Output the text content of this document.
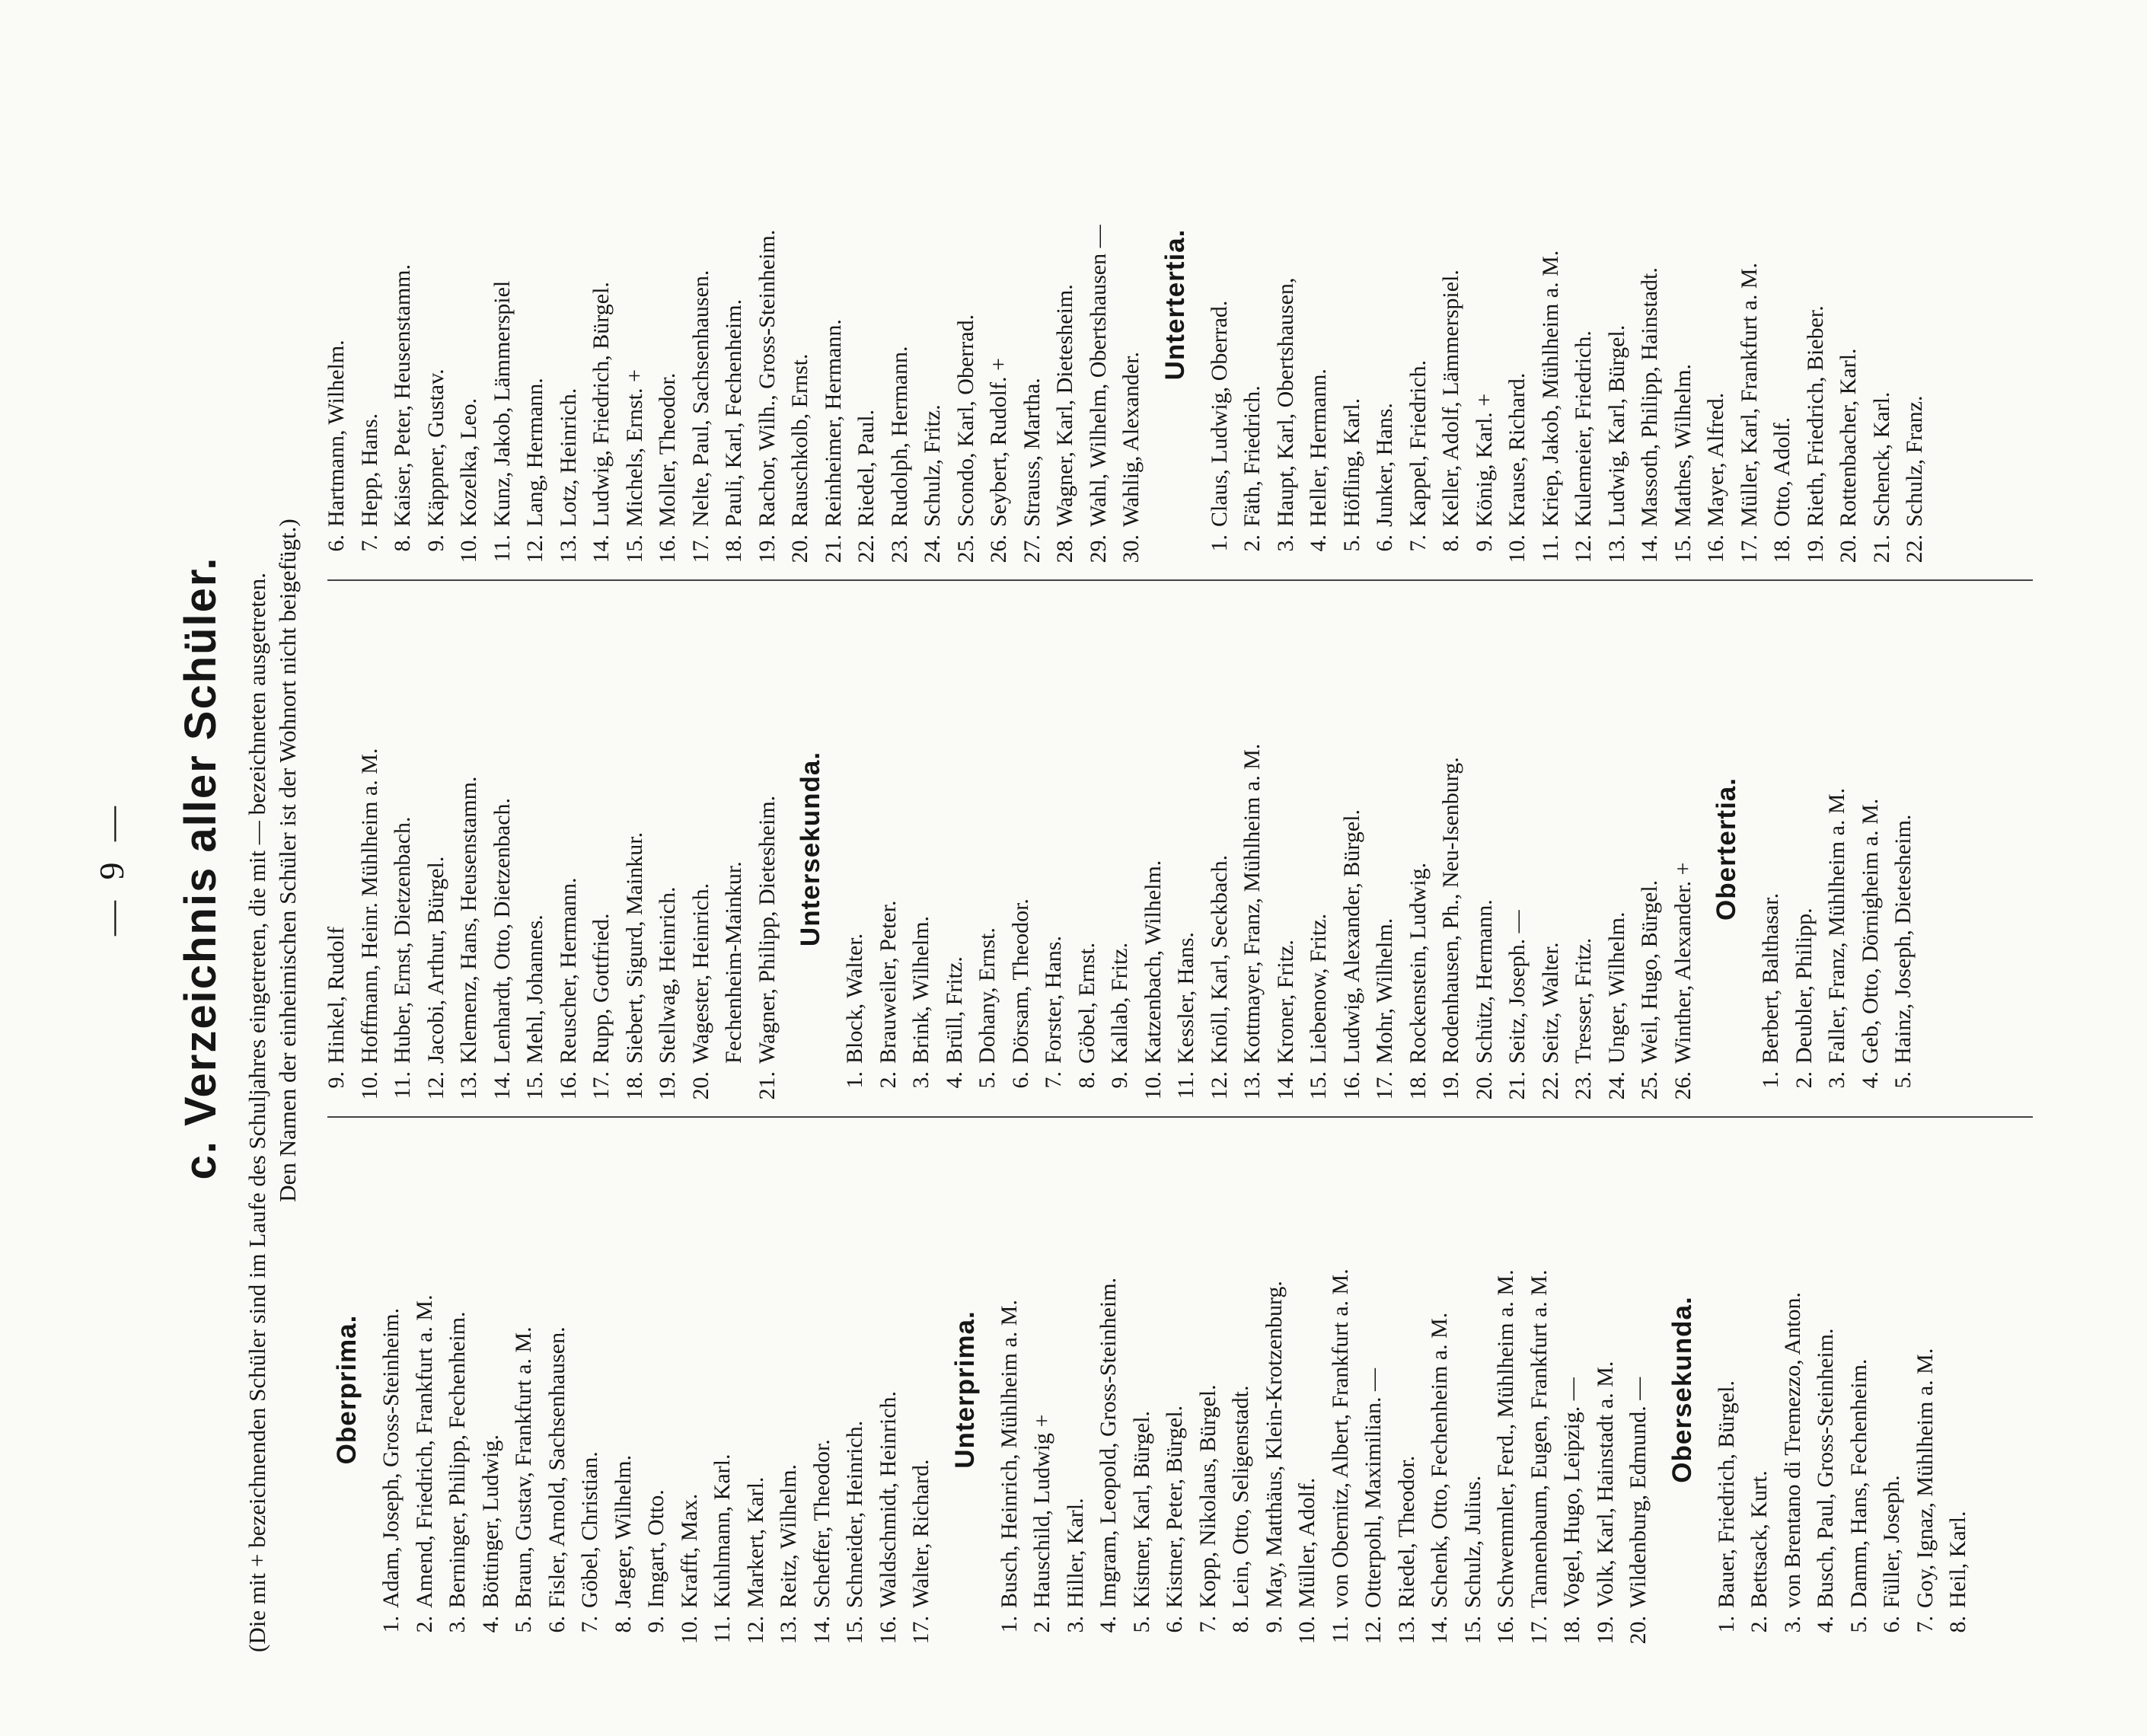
— 9 — c. Verzeichnis aller Schüler. (Die mit + bezeichnenden Schüler sind im Laufe des Schuljahres eingetreten, die mit — bezeichneten ausgetreten. Den Namen der einheimischen Schüler ist der Wohnort nicht beigefügt.)
Oberprima.
1.Adam, Joseph, Gross-Steinheim.
2.Amend, Friedrich, Frankfurt a. M.
3.Berninger, Philipp, Fechenheim.
4.Böttinger, Ludwig.
5.Braun, Gustav, Frankfurt a. M.
6.Fisler, Arnold, Sachsenhausen.
7.Göbel, Christian.
8.Jaeger, Wilhelm.
9.Imgart, Otto.
10.Krafft, Max.
11.Kuhlmann, Karl.
12.Markert, Karl.
13.Reitz, Wilhelm.
14.Scheffer, Theodor.
15.Schneider, Heinrich.
16.Waldschmidt, Heinrich.
17.Walter, Richard.
Unterprima.
1.Busch, Heinrich, Mühlheim a. M.
2.Hauschild, Ludwig +
3.Hiller, Karl.
4.Imgram, Leopold, Gross-Steinheim.
5.Kistner, Karl, Bürgel.
6.Kistner, Peter, Bürgel.
7.Kopp, Nikolaus, Bürgel.
8.Lein, Otto, Seligenstadt.
9.May, Matthäus, Klein-Krotzenburg.
10.Müller, Adolf.
11.von Obernitz, Albert, Frankfurt a. M.
12.Otterpohl, Maximilian. —
13.Riedel, Theodor.
14.Schenk, Otto, Fechenheim a. M.
15.Schulz, Julius.
16.Schwemmler, Ferd., Mühlheim a. M.
17.Tannenbaum, Eugen, Frankfurt a. M.
18.Vogel, Hugo, Leipzig. —
19.Volk, Karl, Hainstadt a. M.
20.Wildenburg, Edmund. — Obersekunda.
1.Bauer, Friedrich, Bürgel.
2.Bettsack, Kurt.
3.von Brentano di Tremezzo, Anton.
4.Busch, Paul, Gross-Steinheim.
5.Damm, Hans, Fechenheim.
6.Füller, Joseph.
7.Goy, Ignaz, Mühlheim a. M.
8.Heil, Karl.
9.Hinkel, Rudolf
10.Hoffmann, Heinr. Mühlheim a. M.
11.Huber, Ernst, Dietzenbach.
12.Jacobi, Arthur, Bürgel.
13.Klemenz, Hans, Heusenstamm.
14.Lenhardt, Otto, Dietzenbach.
15.Mehl, Johannes.
16.Reuscher, Hermann.
17.Rupp, Gottfried.
18.Siebert, Sigurd, Mainkur.
19.Stellwag, Heinrich.
20.Wagester, Heinrich. Fechenheim-Mainkur.
21.Wagner, Philipp, Dietesheim. Untersekunda.
1.Block, Walter.
2.Brauweiler, Peter.
3.Brink, Wilhelm.
4.Brüll, Fritz.
5.Dohany, Ernst.
6.Dörsam, Theodor.
7.Forster, Hans.
8.Göbel, Ernst.
9.Kallab, Fritz.
10.Katzenbach, Wilhelm.
11.Kessler, Hans.
12.Knöll, Karl, Seckbach.
13.Kottmayer, Franz, Mühlheim a. M.
14.Kroner, Fritz.
15.Liebenow, Fritz.
16.Ludwig, Alexander, Bürgel.
17.Mohr, Wilhelm.
18.Rockenstein, Ludwig.
19.Rodenhausen, Ph., Neu-Isenburg.
20.Schütz, Hermann.
21.Seitz, Joseph. —
22.Seitz, Walter.
23.Tresser, Fritz.
24.Unger, Wilhelm.
25.Weil, Hugo, Bürgel.
26.Winther, Alexander. +
Obertertia.
1.Berbert, Balthasar.
2.Deubler, Philipp.
3.Faller, Franz, Mühlheim a. M.
4.Geb, Otto, Dörnigheim a. M.
5.Hainz, Joseph, Dietesheim.
6.Hartmann, Wilhelm.
7.Hepp, Hans.
8.Kaiser, Peter, Heusenstamm.
9.Käppner, Gustav.
10.Kozelka, Leo.
11.Kunz, Jakob, Lämmerspiel
12.Lang, Hermann.
13.Lotz, Heinrich.
14.Ludwig, Friedrich, Bürgel.
15.Michels, Ernst. +
16.Moller, Theodor.
17.Nelte, Paul, Sachsenhausen.
18.Pauli, Karl, Fechenheim.
19.Rachor, Wilh., Gross-Steinheim.
20.Rauschkolb, Ernst.
21.Reinheimer, Hermann.
22.Riedel, Paul.
23.Rudolph, Hermann.
24.Schulz, Fritz.
25.Scondo, Karl, Oberrad.
26.Seybert, Rudolf. +
27.Strauss, Martha.
28.Wagner, Karl, Dietesheim.
29.Wahl, Wilhelm, Obertshausen —
30.Wahlig, Alexander.
Untertertia.
1.Claus, Ludwig, Oberrad.
2.Fäth, Friedrich.
3.Haupt, Karl, Obertshausen,
4.Heller, Hermann.
5.Höfling, Karl.
6.Junker, Hans.
7.Kappel, Friedrich.
8.Keller, Adolf, Lämmerspiel.
9.König, Karl. +
10.Krause, Richard.
11.Kriep, Jakob, Mühlheim a. M.
12.Kulemeier, Friedrich.
13.Ludwig, Karl, Bürgel.
14.Massoth, Philipp, Hainstadt.
15.Mathes, Wilhelm.
16.Mayer, Alfred.
17.Müller, Karl, Frankfurt a. M.
18.Otto, Adolf.
19.Rieth, Friedrich, Bieber.
20.Rottenbacher, Karl.
21.Schenck, Karl.
22.Schulz, Franz.
